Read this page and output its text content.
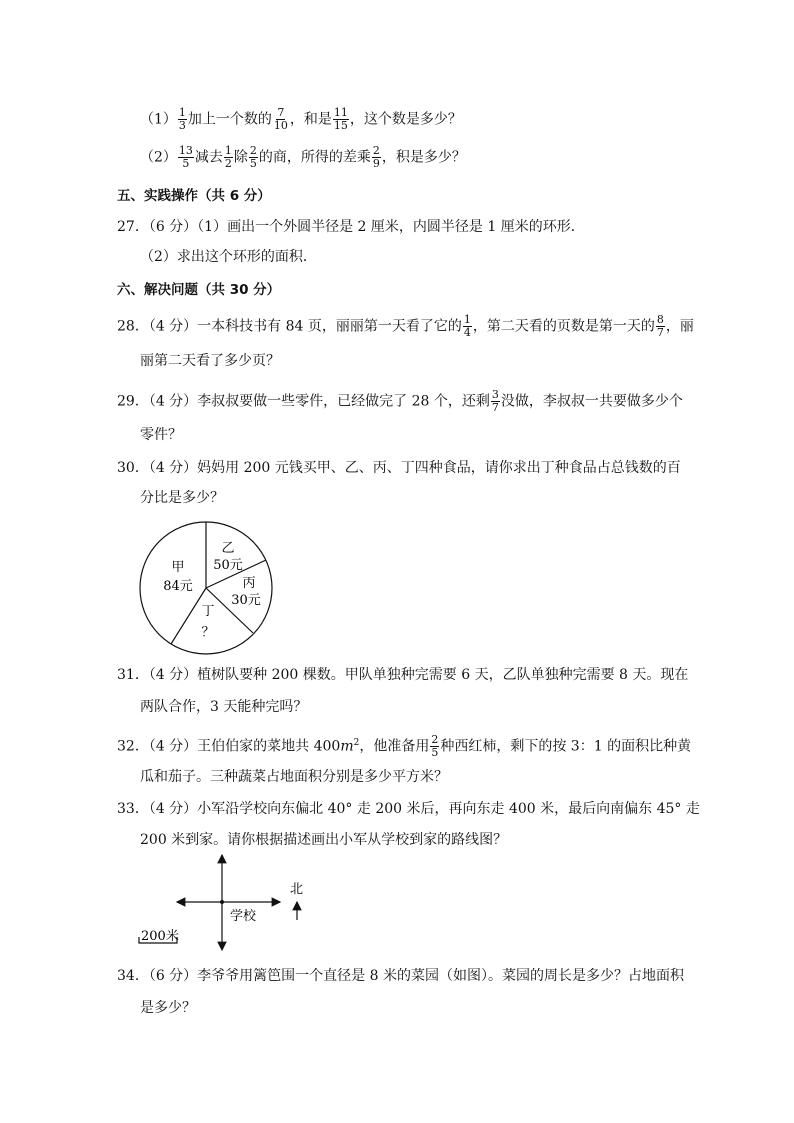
$(1) \frac{1}{3}$ 加上一个数的 $\frac{7}{10}$ ，和是 $\frac{11}{15}$ ，这个数是多少？
$(2) \frac{13}{5}$ 减去 $\frac{1}{2}$ 除 $\frac{2}{5}$ 的商，所得的差乘 $\frac{2}{9}$ ，积是多少？
五、实践操作（共 6 分）
27．（6 分）（1）画出一个外圆半径是 2 厘米，内圆半径是 1 厘米的环形．
（2）求出这个环形的面积．
六、解决问题（共 30 分）
28．（4 分）一本科技书有 84 页，丽丽第一天看了它的 $\frac{1}{4}$ ，第二天看的页数是第一天的 $\frac{8}{7}$ ，丽
丽第二天看了多少页？
29．（4 分）李叔叔要做一些零件，已经做完了 28 个，还剩 $\frac{3}{7}$ 没做，李叔叔一共要做多少个
零件？
30．（4 分）妈妈用 200 元钱买甲、乙、丙、丁四种食品，请你求出丁种食品占总钱数的百
分比是多少？
甲
84元
乙
50元
丙
30元
丁
？
31．（4 分）植树队要种 200 棵数。甲队单独种完需要 6 天，乙队单独种完需要 8 天。现在
两队合作，3 天能种完吗？
32．（4 分）王伯伯家的菜地共 $400m^2$，他准备用 $\frac{2}{5}$ 种西红柿，剩下的按 3：1 的面积比种黄
瓜和茄子。三种蔬菜占地面积分别是多少平方米？
33．（4 分）小军沿学校向东偏北 40° 走 200 米后，再向东走 400 米，最后向南偏东 45° 走
200 米到家。请你根据描述画出小军从学校到家的路线图？
学校
北
200米
34．（6 分）李爷爷用篱笆围一个直径是 8 米的菜园（如图）。菜园的周长是多少？占地面积
是多少？
